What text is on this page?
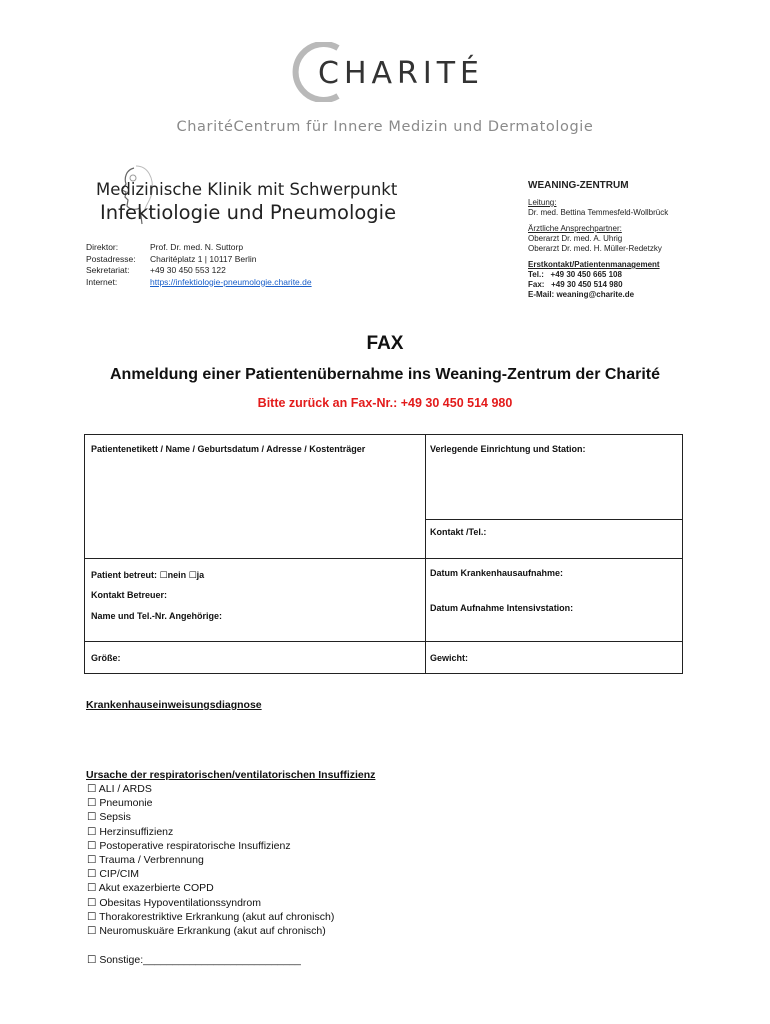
CHARITÉ
CharitéCentrum für Innere Medizin und Dermatologie
Medizinische Klinik mit Schwerpunkt
Infektiologie und Pneumologie
Direktor:	Prof. Dr. med. N. Suttorp
Postadresse:	Charitéplatz 1 | 10117 Berlin
Sekretariat:	+49 30 450 553 122
Internet:	https://infektiologie-pneumologie.charite.de
WEANING-ZENTRUM
Leitung:
Dr. med. Bettina Temmesfeld-Wollbrück
Ärztliche Ansprechpartner:
Oberarzt Dr. med. A. Uhrig
Oberarzt Dr. med. H. Müller-Redetzky
Erstkontakt/Patientenmanagement
Tel.:   +49 30 450 665 108
Fax:   +49 30 450 514 980
E-Mail: weaning@charite.de
FAX
Anmeldung einer Patientenübernahme ins Weaning-Zentrum der Charité
Bitte zurück an Fax-Nr.: +49 30 450 514 980
Patientenetikett / Name / Geburtsdatum / Adresse / Kostenträger	Verlegende Einrichtung und Station:
Kontakt /Tel.:
Patient betreut: ☐nein ☐ja
Kontakt Betreuer:
Name und Tel.-Nr. Angehörige:
Datum Krankenhausaufnahme:
Datum Aufnahme Intensivstation:
Größe:	Gewicht:
Krankenhauseinweisungsdiagnose
Ursache der respiratorischen/ventilatorischen Insuffizienz
☐ ALI / ARDS
☐ Pneumonie
☐ Sepsis
☐ Herzinsuffizienz
☐ Postoperative respiratorische Insuffizienz
☐ Trauma / Verbrennung
☐ CIP/CIM
☐ Akut exazerbierte COPD
☐ Obesitas Hypoventilationssyndrom
☐ Thorakorestriktive Erkrankung (akut auf chronisch)
☐ Neuromuskuäre Erkrankung (akut auf chronisch)
☐ Sonstige:___________________________
